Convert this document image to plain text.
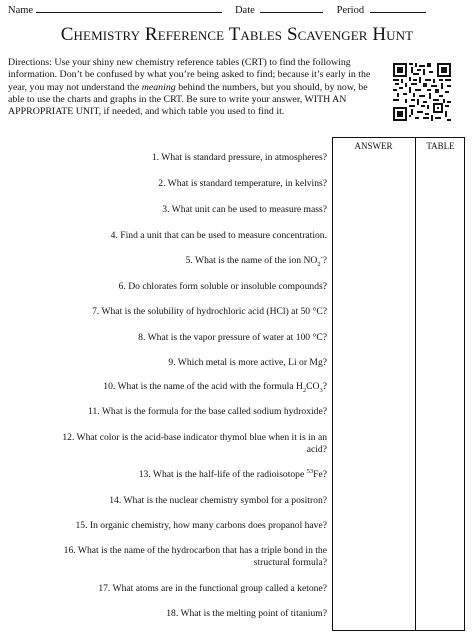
Name	Date	Period
Chemistry Reference Tables Scavenger Hunt
Directions: Use your shiny new chemistry reference tables (CRT) to find the following information. Don’t be confused by what you’re being asked to find; because it’s early in the year, you may not understand the meaning behind the numbers, but you should, by now, be able to use the charts and graphs in the CRT. Be sure to write your answer, WITH AN APPROPRIATE UNIT, if needed, and which table you used to find it.
ANSWER	TABLE
1. What is standard pressure, in atmospheres?
2. What is standard temperature, in kelvins?
3. What unit can be used to measure mass?
4. Find a unit that can be used to measure concentration.
5. What is the name of the ion $NO_2^-$?
6. Do chlorates form soluble or insoluble compounds?
7. What is the solubility of hydrochloric acid (HCl) at 50 °C?
8. What is the vapor pressure of water at 100 °C?
9. Which metal is more active, Li or Mg?
10. What is the name of the acid with the formula $H_2CO_3$?
11. What is the formula for the base called sodium hydroxide?
12. What color is the acid-base indicator thymol blue when it is in an
acid?
13. What is the half-life of the radioisotope $^{53}$Fe?
14. What is the nuclear chemistry symbol for a positron?
15. In organic chemistry, how many carbons does propanol have?
16. What is the name of the hydrocarbon that has a triple bond in the
structural formula?
17. What atoms are in the functional group called a ketone?
18. What is the melting point of titanium?
